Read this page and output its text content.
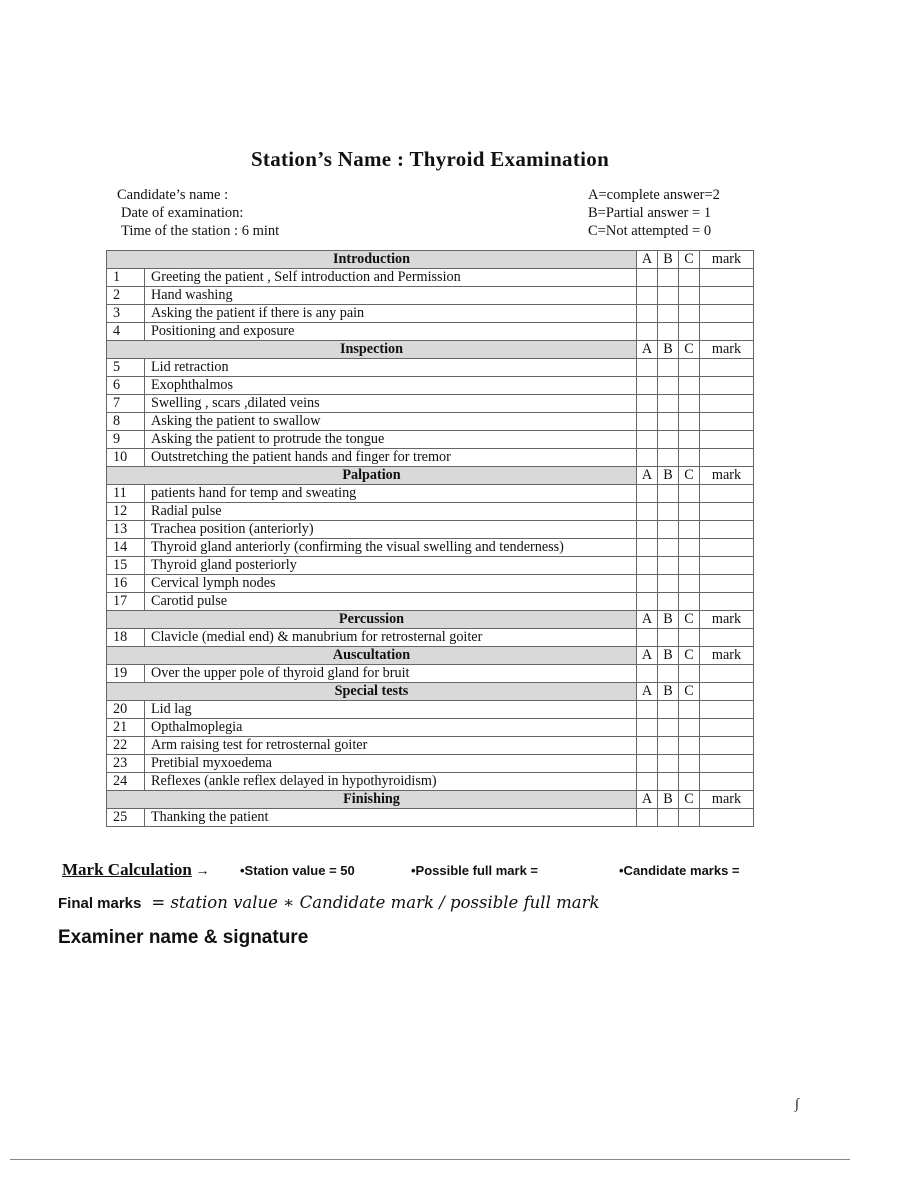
Station’s Name : Thyroid Examination
Candidate’s name :
Date of examination:
Time of the station : 6 mint
A=complete answer=2
B=Partial answer = 1
C=Not attempted = 0
Introduction		A	B	C	mark
1	Greeting the patient , Self introduction and Permission				
2	Hand washing				
3	Asking the patient if there is any pain				
4	Positioning and exposure				
Inspection		A	B	C	mark
5	Lid retraction				
6	Exophthalmos				
7	Swelling , scars ,dilated veins				
8	Asking the patient to swallow				
9	Asking the patient to protrude the tongue				
10	Outstretching the patient hands and finger for tremor				
Palpation		A	B	C	mark
11	patients hand for temp and sweating				
12	Radial pulse				
13	Trachea position (anteriorly)				
14	Thyroid gland anteriorly (confirming the visual swelling and tenderness)				
15	Thyroid gland posteriorly				
16	Cervical lymph nodes				
17	Carotid pulse				
Percussion		A	B	C	mark
18	Clavicle (medial end) & manubrium for retrosternal goiter				
Auscultation		A	B	C	mark
19	Over the upper pole of thyroid gland for bruit				
Special tests		A	B	C	
20	Lid lag				
21	Opthalmoplegia				
22	Arm raising test for retrosternal goiter				
23	Pretibial myxoedema				
24	Reflexes (ankle reflex delayed in hypothyroidism)				
Finishing		A	B	C	mark
25	Thanking the patient				
Mark Calculation → •Station value = 50	•Possible full mark =	•Candidate marks =
Final marks = station value ∗ Candidate mark / possible full mark
Examiner name & signature
∫
